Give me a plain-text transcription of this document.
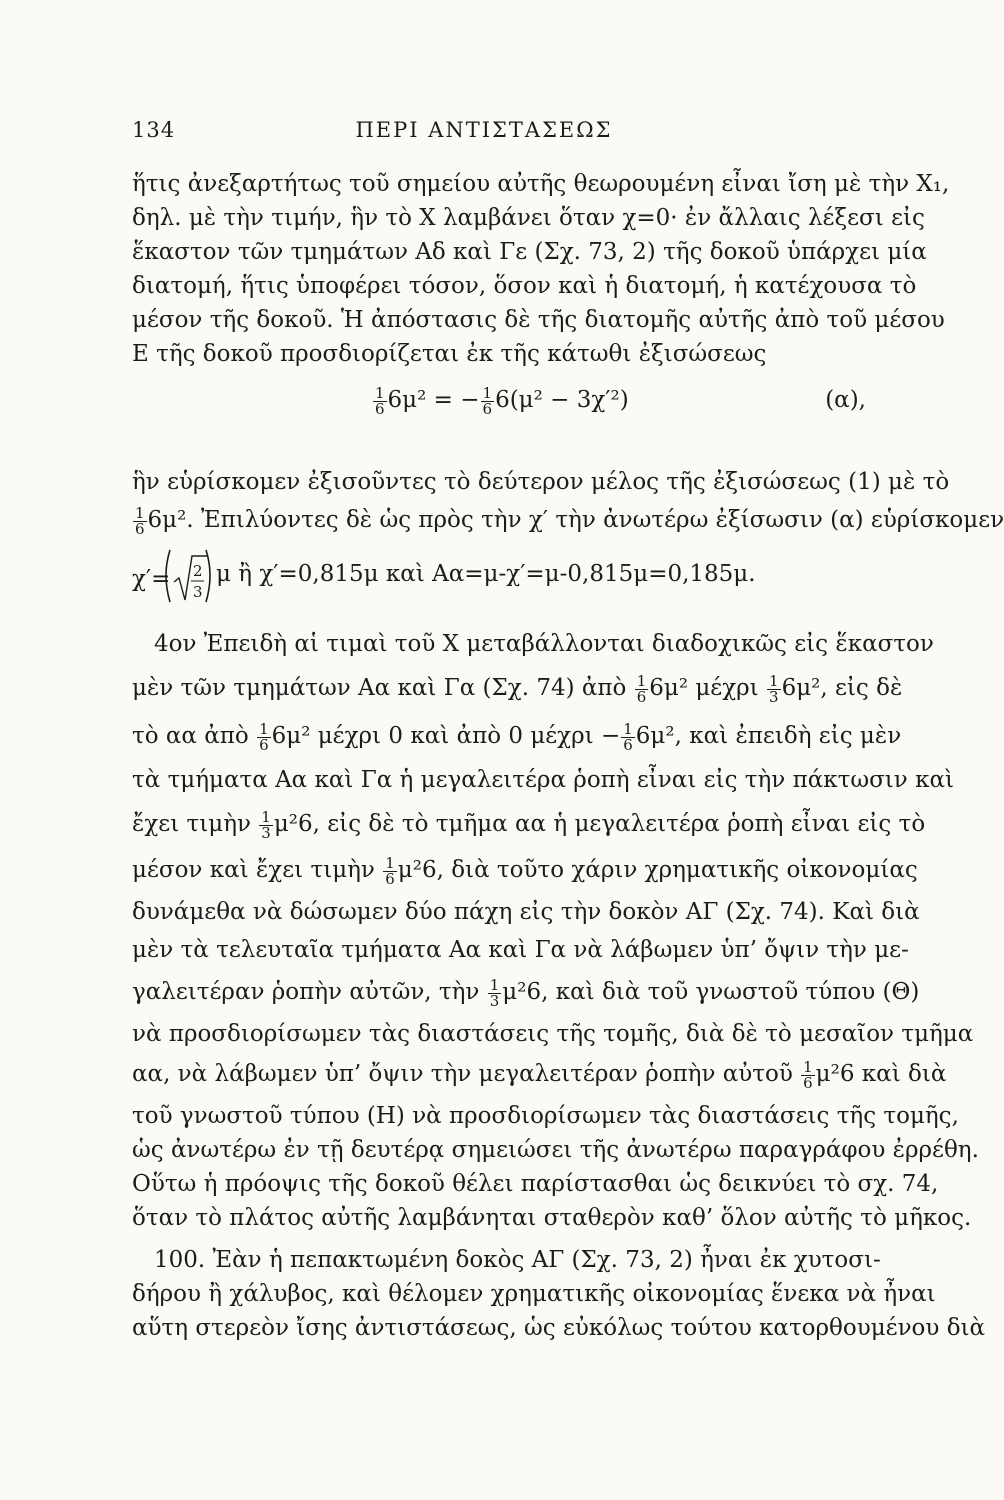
134	ΠΕΡΙ ΑΝΤΙΣΤΑΣΕΩΣ
ἥτις ἀνεξαρτήτως τοῦ σημείου αὐτῆς θεωρουμένη εἶναι ἴση μὲ τὴν X₁,
δηλ. μὲ τὴν τιμήν, ἣν τὸ X λαμβάνει ὅταν χ=0· ἐν ἄλλαις λέξεσι εἰς
ἕκαστον τῶν τμημάτων Αδ καὶ Γε (Σχ. 73, 2) τῆς δοκοῦ ὑπάρχει μία
διατομή, ἥτις ὑποφέρει τόσον, ὅσον καὶ ἡ διατομή, ἡ κατέχουσα τὸ
μέσον τῆς δοκοῦ. Ἡ ἀπόστασις δὲ τῆς διατομῆς αὐτῆς ἀπὸ τοῦ μέσου
Ε τῆς δοκοῦ προσδιορίζεται ἐκ τῆς κάτωθι ἐξισώσεως
$\frac{1}{6} 6\mu^2$ = − $\frac{1}{6} 6(\mu^2 - 3\chi'^2)$	(α),
ἣν εὑρίσκομεν ἐξισοῦντες τὸ δεύτερον μέλος τῆς ἐξισώσεως (1) μὲ τὸ
$\frac{1}{6} 6\mu^2$. Ἐπιλύοντες δὲ ὡς πρὸς τὴν χ′ τὴν ἀνωτέρω ἐξίσωσιν (α) εὑρίσκομεν
χ′= 2
3
μ ἢ χ′=0,815μ καὶ Αα=μ-χ′=μ-0,815μ=0,185μ.
4ον Ἐπειδὴ αἱ τιμαὶ τοῦ X μεταβάλλονται διαδοχικῶς εἰς ἕκαστον
μὲν τῶν τμημάτων Αα καὶ Γα (Σχ. 74) ἀπὸ $\frac{1}{6} 6\mu^2$ μέχρι $\frac{1}{3} 6\mu^2$, εἰς δὲ
τὸ αα ἀπὸ $\frac{1}{6} 6\mu^2$ μέχρι 0 καὶ ἀπὸ 0 $\mu έ\chi\rho\iota - \frac{1}{6} 6\mu^2$, καὶ ἐπειδὴ εἰς μὲν
τὰ τμήματα Αα καὶ Γα ἡ μεγαλειτέρα ῥοπὴ εἶναι εἰς τὴν πάκτωσιν καὶ
ἔχει τιμὴν $\frac{1}{3} \mu^26$, εἰς δὲ τὸ τμῆμα αα ἡ μεγαλειτέρα ῥοπὴ εἶναι εἰς τὸ
μέσον καὶ ἔχει τιμὴν $\frac{1}{6} \mu^26$, διὰ τοῦτο χάριν χρηματικῆς οἰκονομίας
δυνάμεθα νὰ δώσωμεν δύο πάχη εἰς τὴν δοκὸν ΑΓ (Σχ. 74). Καὶ διὰ
μὲν τὰ τελευταῖα τμήματα Αα καὶ Γα νὰ λάβωμεν ὑπ’ ὄψιν τὴν με-
γαλειτέραν ῥοπὴν αὐτῶν, τὴν $\frac{1}{3} \mu^26$, καὶ διὰ τοῦ γνωστοῦ τύπου (Θ)
νὰ προσδιορίσωμεν τὰς διαστάσεις τῆς τομῆς, διὰ δὲ τὸ μεσαῖον τμῆμα
αα, νὰ λάβωμεν ὑπ’ ὄψιν τὴν μεγαλειτέραν ῥοπὴν αὐτοῦ $\frac{1}{6} \mu^26$ καὶ διὰ
τοῦ γνωστοῦ τύπου (Η) νὰ προσδιορίσωμεν τὰς διαστάσεις τῆς τομῆς,
ὡς ἀνωτέρω ἐν τῇ δευτέρᾳ σημειώσει τῆς ἀνωτέρω παραγράφου ἐρρέθη.
Οὕτω ἡ πρόοψις τῆς δοκοῦ θέλει παρίστασθαι ὡς δεικνύει τὸ σχ. 74,
ὅταν τὸ πλάτος αὐτῆς λαμβάνηται σταθερὸν καθ’ ὅλον αὐτῆς τὸ μῆκος.
100. Ἐὰν ἡ πεπακτωμένη δοκὸς ΑΓ (Σχ. 73, 2) ἦναι ἐκ χυτοσι-
δήρου ἢ χάλυβος, καὶ θέλομεν χρηματικῆς οἰκονομίας ἕνεκα νὰ ἦναι
αὕτη στερεὸν ἴσης ἀντιστάσεως, ὡς εὐκόλως τούτου κατορθουμένου διὰ
